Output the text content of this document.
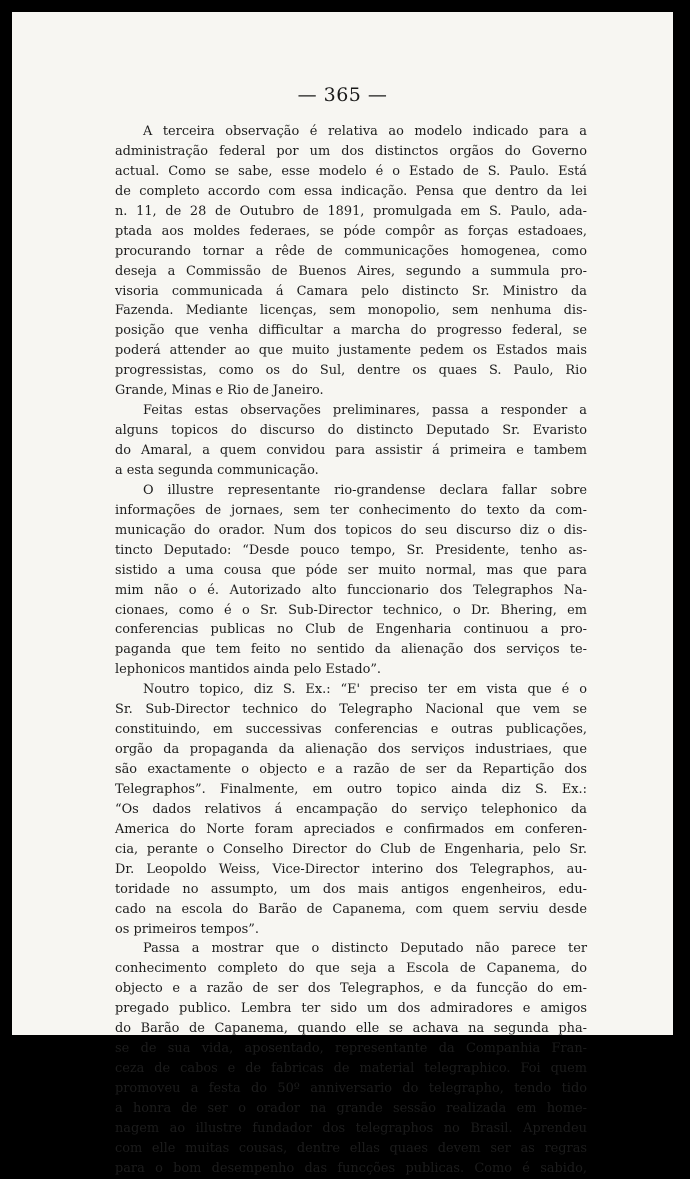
— 365 —
A terceira observação é relativa ao modelo indicado para a
administração federal por um dos distinctos orgãos do Governo
actual. Como se sabe, esse modelo é o Estado de S. Paulo. Está
de completo accordo com essa indicação. Pensa que dentro da lei
n. 11, de 28 de Outubro de 1891, promulgada em S. Paulo, ada-
ptada aos moldes federaes, se póde compôr as forças estadoaes,
procurando tornar a rêde de communicações homogenea, como
deseja a Commissão de Buenos Aires, segundo a summula pro-
visoria communicada á Camara pelo distincto Sr. Ministro da
Fazenda. Mediante licenças, sem monopolio, sem nenhuma dis-
posição que venha difficultar a marcha do progresso federal, se
poderá attender ao que muito justamente pedem os Estados mais
progressistas, como os do Sul, dentre os quaes S. Paulo, Rio
Grande, Minas e Rio de Janeiro.
Feitas estas observações preliminares, passa a responder a
alguns topicos do discurso do distincto Deputado Sr. Evaristo
do Amaral, a quem convidou para assistir á primeira e tambem
a esta segunda communicação.
O illustre representante rio-grandense declara fallar sobre
informações de jornaes, sem ter conhecimento do texto da com-
municação do orador. Num dos topicos do seu discurso diz o dis-
tincto Deputado: “Desde pouco tempo, Sr. Presidente, tenho as-
sistido a uma cousa que póde ser muito normal, mas que para
mim não o é. Autorizado alto funccionario dos Telegraphos Na-
cionaes, como é o Sr. Sub-Director technico, o Dr. Bhering, em
conferencias publicas no Club de Engenharia continuou a pro-
paganda que tem feito no sentido da alienação dos serviços te-
lephonicos mantidos ainda pelo Estado”.
Noutro topico, diz S. Ex.: “E' preciso ter em vista que é o
Sr. Sub-Director technico do Telegrapho Nacional que vem se
constituindo, em successivas conferencias e outras publicações,
orgão da propaganda da alienação dos serviços industriaes, que
são exactamente o objecto e a razão de ser da Repartição dos
Telegraphos”. Finalmente, em outro topico ainda diz S. Ex.:
“Os dados relativos á encampação do serviço telephonico da
America do Norte foram apreciados e confirmados em conferen-
cia, perante o Conselho Director do Club de Engenharia, pelo Sr.
Dr. Leopoldo Weiss, Vice-Director interino dos Telegraphos, au-
toridade no assumpto, um dos mais antigos engenheiros, edu-
cado na escola do Barão de Capanema, com quem serviu desde
os primeiros tempos”.
Passa a mostrar que o distincto Deputado não parece ter
conhecimento completo do que seja a Escola de Capanema, do
objecto e a razão de ser dos Telegraphos, e da funcção do em-
pregado publico. Lembra ter sido um dos admiradores e amigos
do Barão de Capanema, quando elle se achava na segunda pha-
se de sua vida, aposentado, representante da Companhia Fran-
ceza de cabos e de fabricas de material telegraphico. Foi quem
promoveu a festa do 50º anniversario do telegrapho, tendo tido
a honra de ser o orador na grande sessão realizada em home-
nagem ao illustre fundador dos telegraphos no Brasil. Aprendeu
com elle muitas cousas, dentre ellas quaes devem ser as regras
para o bom desempenho das funcções publicas. Como é sabido,
